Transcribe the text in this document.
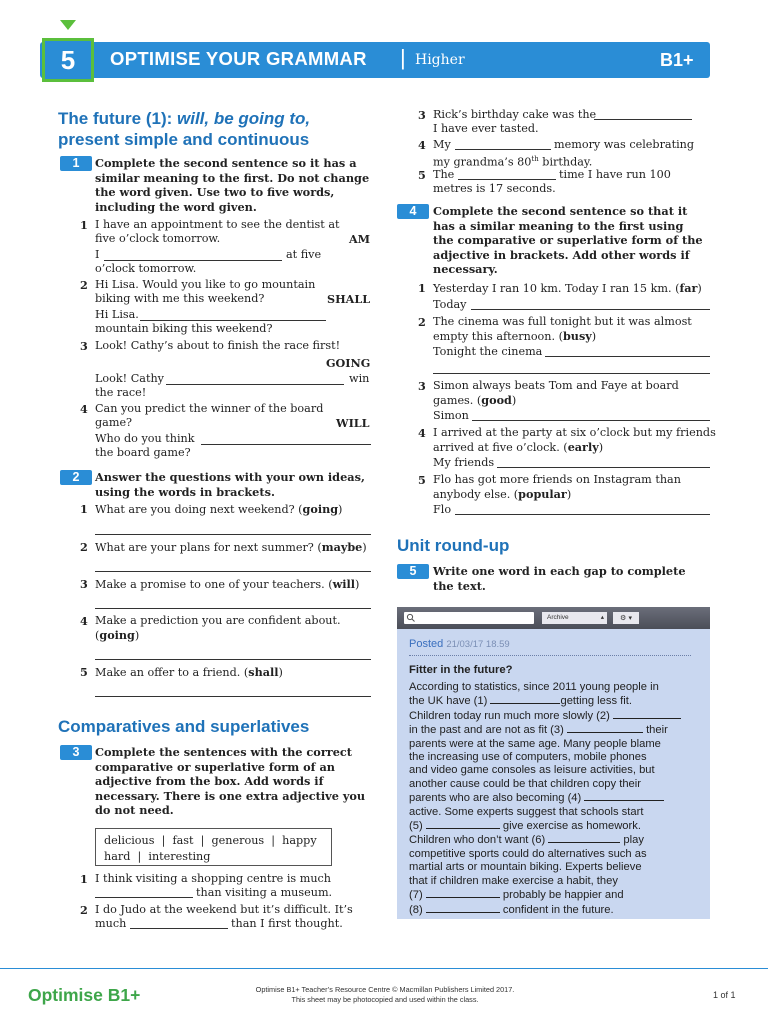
5	OPTIMISE YOUR GRAMMAR | Higher	B1+
The future (1): will, be going to,
present simple and continuous
1	Complete the second sentence so it has a
similar meaning to the first. Do not change
the word given. Use two to five words,
including the word given.
1 I have an appointment to see the dentist at
five o’clock tomorrow.	AM
I	at five
o’clock tomorrow.
2 Hi Lisa. Would you like to go mountain
biking with me this weekend?	SHALL
Hi Lisa.
mountain biking this weekend?
3 Look! Cathy’s about to finish the race first!
GOING
Look! Cathy	win
the race!
4 Can you predict the winner of the board
game?	WILL
Who do you think
the board game?
2	Answer the questions with your own ideas,
using the words in brackets.
1 What are you doing next weekend? (going)
2 What are your plans for next summer? (maybe)
3 Make a promise to one of your teachers. (will)
4 Make a prediction you are confident about.
(going)
5 Make an offer to a friend. (shall)
Comparatives and superlatives
3	Complete the sentences with the correct
comparative or superlative form of an
adjective from the box. Add words if
necessary. There is one extra adjective you
do not need.
delicious  |  fast  |  generous  |  happy
hard  |  interesting
1 I think visiting a shopping centre is much
than visiting a museum.
2 I do Judo at the weekend but it’s difficult. It’s
much	than I first thought.
3 Rick’s birthday cake was the
I have ever tasted.
4 My	memory was celebrating
my grandma’s 80th birthday.
5 The	time I have run 100
metres is 17 seconds.
4	Complete the second sentence so that it
has a similar meaning to the first using
the comparative or superlative form of the
adjective in brackets. Add other words if
necessary.
1 Yesterday I ran 10 km. Today I ran 15 km. (far)
Today
2 The cinema was full tonight but it was almost
empty this afternoon. (busy)
Tonight the cinema
3 Simon always beats Tom and Faye at board
games. (good)
Simon
4 I arrived at the party at six o’clock but my friends
arrived at five o’clock. (early)
My friends
5 Flo has got more friends on Instagram than
anybody else. (popular)
Flo
Unit round-up
5	Write one word in each gap to complete
the text.
Archive	▴	⚙ ▾
Posted 21/03/17 18.59
Fitter in the future?
According to statistics, since 2011 young people in
the UK have (1)	getting less fit.
Children today run much more slowly (2)
in the past and are not as fit (3)	their
parents were at the same age. Many people blame
the increasing use of computers, mobile phones
and video game consoles as leisure activities, but
another cause could be that children copy their
parents who are also becoming (4)
active. Some experts suggest that schools start
(5)	give exercise as homework.
Children who don’t want (6)	play
competitive sports could do alternatives such as
martial arts or mountain biking. Experts believe
that if children make exercise a habit, they
(7)	probably be happier and
(8)	confident in the future.
Optimise B1+	Optimise B1+ Teacher’s Resource Centre © Macmillan Publishers Limited 2017.
This sheet may be photocopied and used within the class.	1 of 1
